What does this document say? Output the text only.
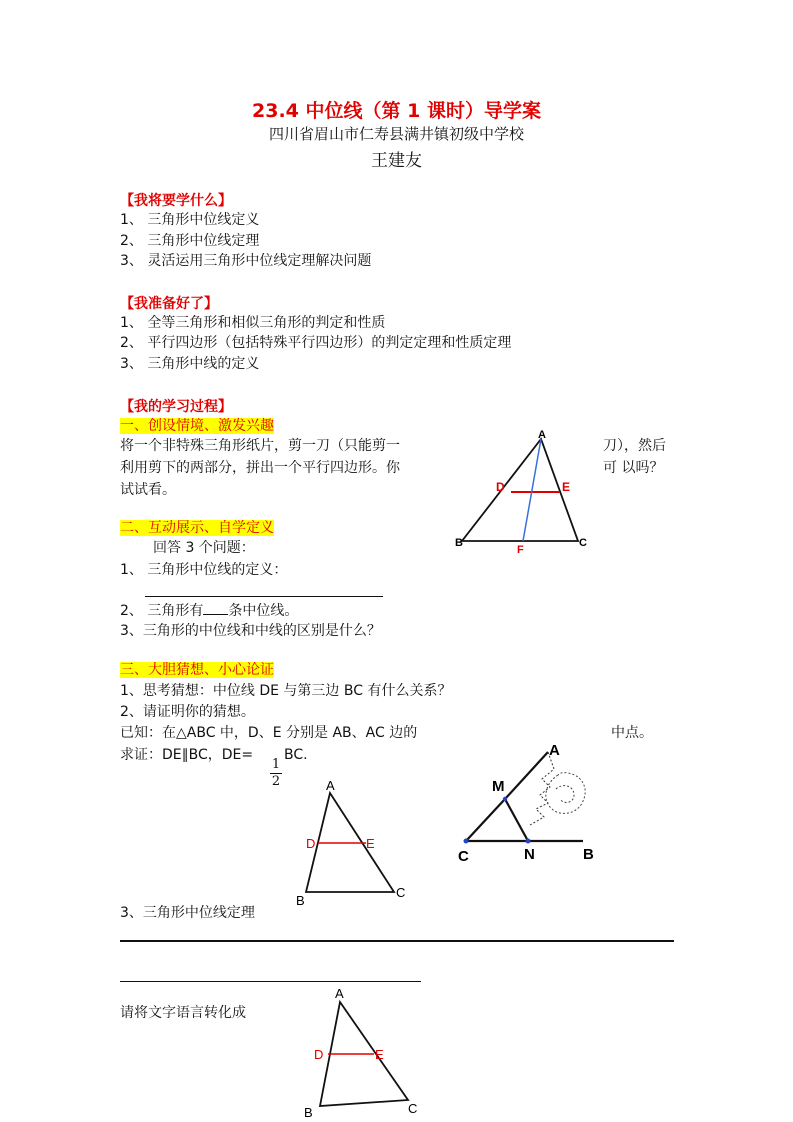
23.4 中位线（第 1 课时）导学案
四川省眉山市仁寿县满井镇初级中学校
王建友
【我将要学什么】
1、 三角形中位线定义
2、 三角形中位线定理
3、 灵活运用三角形中位线定理解决问题
【我准备好了】
1、 全等三角形和相似三角形的判定和性质
2、 平行四边形（包括特殊平行四边形）的判定定理和性质定理
3、 三角形中线的定义
【我的学习过程】
一、创设情境、激发兴趣
将一个非特殊三角形纸片，剪一刀（只能剪一
利用剪下的两部分，拼出一个平行四边形。你
试试看。
刀），然后
可 以吗？
A
D	E
B	C
F
二、互动展示、自学定义
回答 3 个问题：
1、 三角形中位线的定义：
2、 三角形有 条中位线。
3、三角形的中位线和中线的区别是什么？
三、大胆猜想、小心论证
1、思考猜想：中位线 DE 与第三边 BC 有什么关系？
2、请证明你的猜想。
已知：在△ABC 中，D、E 分别是 AB、AC 边的	中点。
求证：DE∥BC，DE= BC.
1
2	A
D	E
B
C
A
M
C	N	B
3、三角形中位线定理
请将文字语言转化成
A
D	E
B	C
